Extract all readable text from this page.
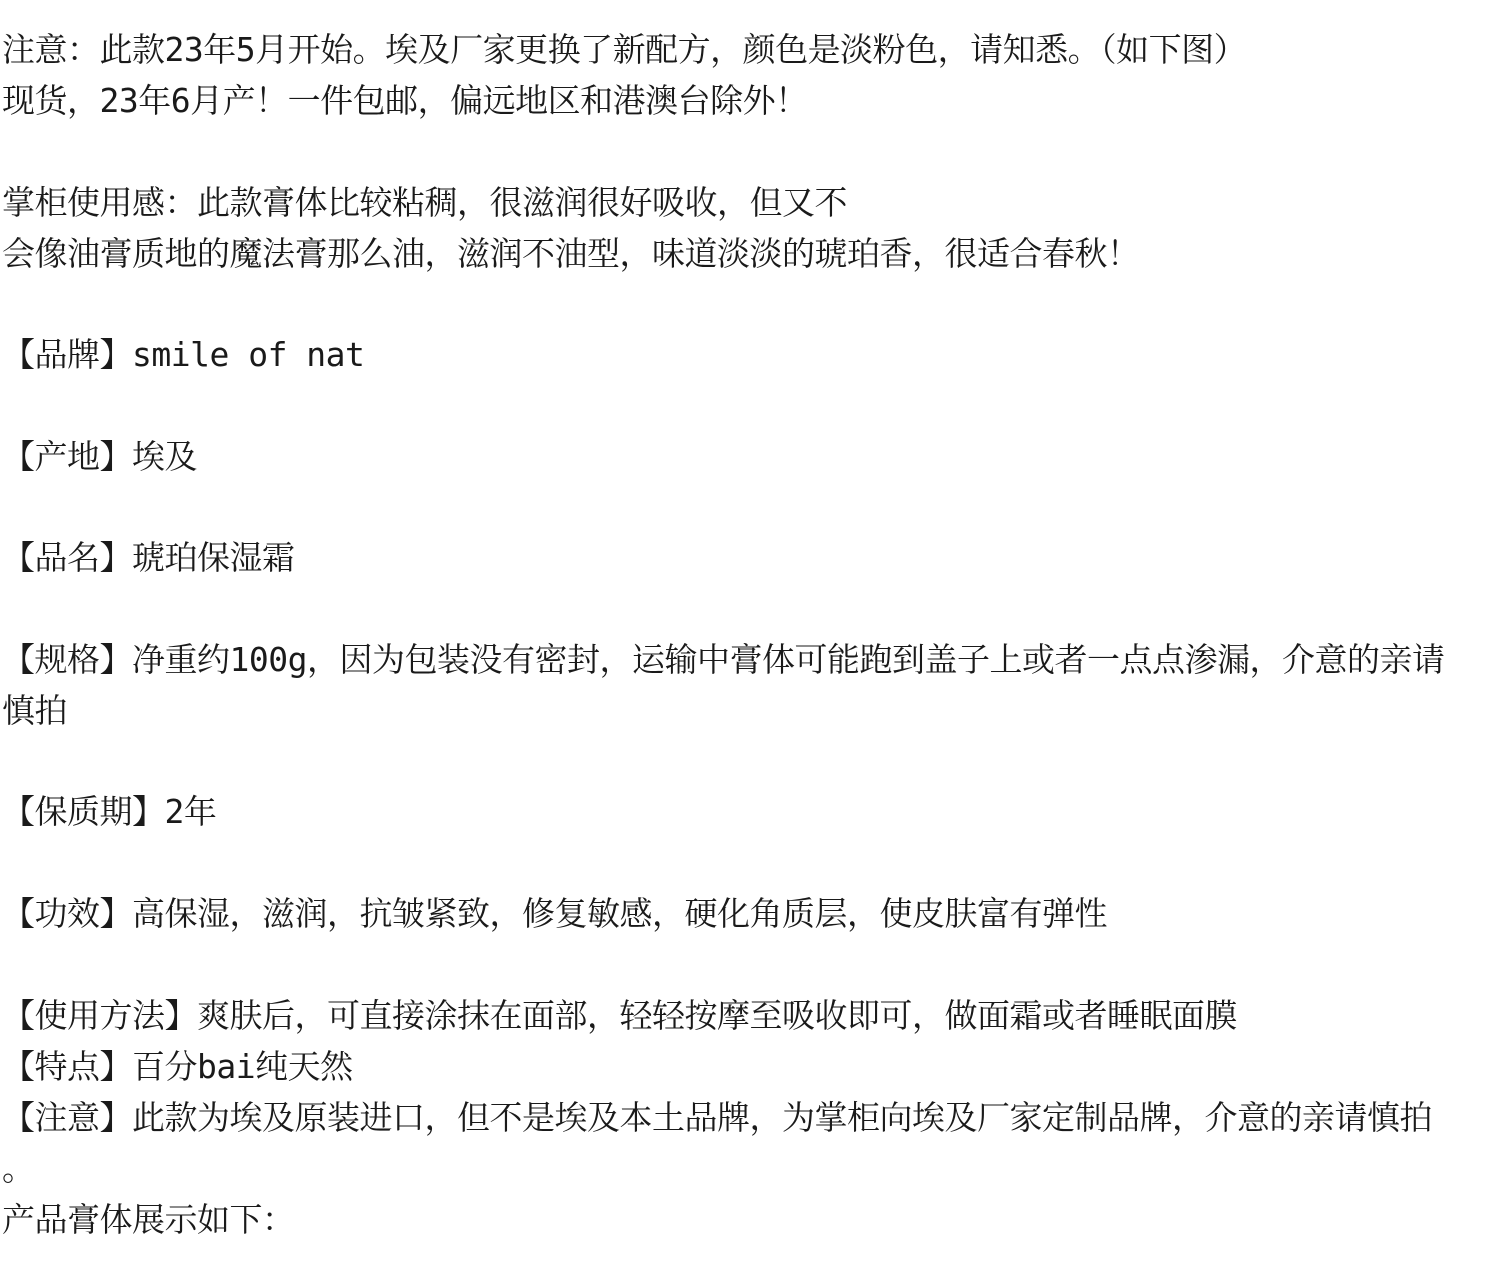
注意：此款23年5月开始。埃及厂家更换了新配方，颜色是淡粉色，请知悉。（如下图）
现货，23年6月产！一件包邮，偏远地区和港澳台除外！
掌柜使用感：此款膏体比较粘稠，很滋润很好吸收，但又不
会像油膏质地的魔法膏那么油，滋润不油型，味道淡淡的琥珀香，很适合春秋！
【品牌】smile of nat
【产地】埃及
【品名】琥珀保湿霜
【规格】净重约100g，因为包装没有密封，运输中膏体可能跑到盖子上或者一点点渗漏，介意的亲请
慎拍
【保质期】2年
【功效】高保湿，滋润，抗皱紧致，修复敏感，硬化角质层，使皮肤富有弹性
【使用方法】爽肤后，可直接涂抹在面部，轻轻按摩至吸收即可，做面霜或者睡眠面膜
【特点】百分bai纯天然
【注意】此款为埃及原装进口，但不是埃及本土品牌，为掌柜向埃及厂家定制品牌，介意的亲请慎拍
。
产品膏体展示如下：
